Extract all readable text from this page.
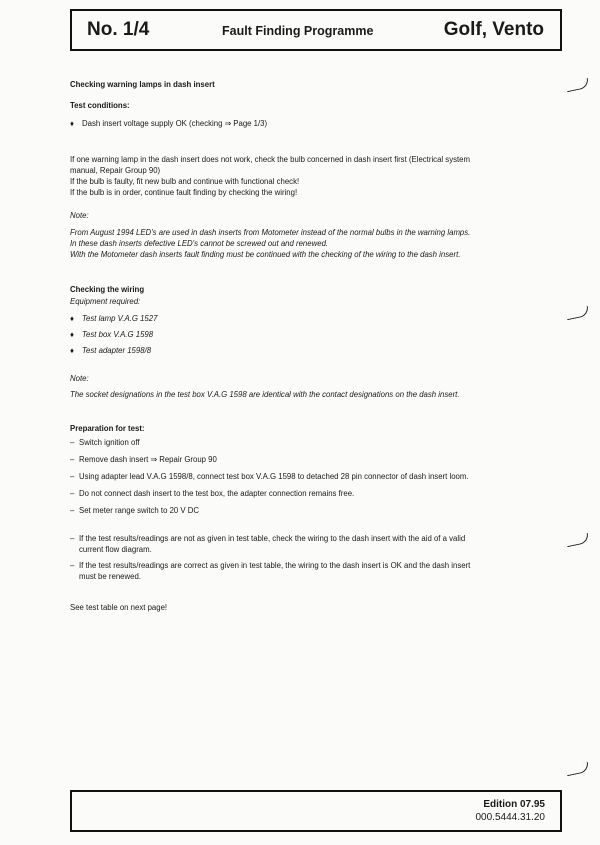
No. 1/4	Fault Finding Programme	Golf, Vento
Checking warning lamps in dash insert
Test conditions:
♦ Dash insert voltage supply OK (checking ⇒ Page 1/3)
If one warning lamp in the dash insert does not work, check the bulb concerned in dash insert first (Electrical system
manual, Repair Group 90)
If the bulb is faulty, fit new bulb and continue with functional check!
If the bulb is in order, continue fault finding by checking the wiring!
Note:
From August 1994 LED's are used in dash inserts from Motometer instead of the normal bulbs in the warning lamps.
In these dash inserts defective LED's cannot be screwed out and renewed.
With the Motometer dash inserts fault finding must be continued with the checking of the wiring to the dash insert.
Checking the wiring
Equipment required:
♦ Test lamp V.A.G 1527
♦ Test box V.A.G 1598
♦ Test adapter 1598/8
Note:
The socket designations in the test box V.A.G 1598 are identical with the contact designations on the dash insert.
Preparation for test:
– Switch ignition off
– Remove dash insert ⇒ Repair Group 90
– Using adapter lead V.A.G 1598/8, connect test box V.A.G 1598 to detached 28 pin connector of dash insert loom.
– Do not connect dash insert to the test box, the adapter connection remains free.
– Set meter range switch to 20 V DC
– If the test results/readings are not as given in test table, check the wiring to the dash insert with the aid of a valid
current flow diagram.
– If the test results/readings are correct as given in test table, the wiring to the dash insert is OK and the dash insert
must be renewed.
See test table on next page!
Edition 07.95
000.5444.31.20
